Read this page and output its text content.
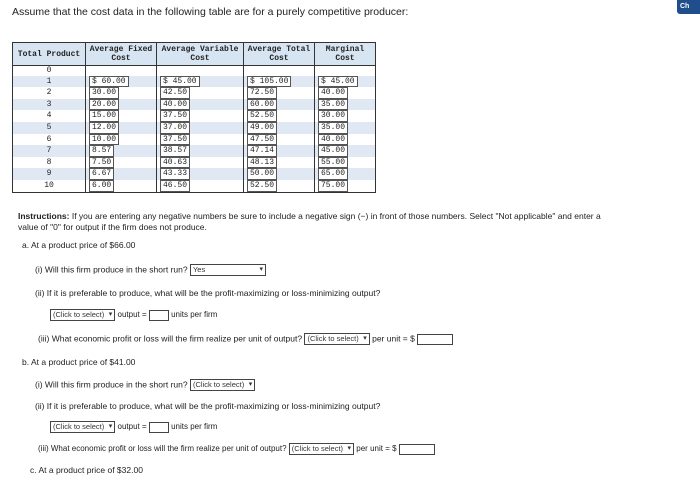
Assume that the cost data in the following table are for a purely competitive producer:	Ch
Total Product	Average Fixed Cost	Average Variable Cost	Average Total Cost	Marginal Cost
0				
1	$ 60.00	$ 45.00	$ 105.00	$ 45.00
2	30.00	42.50	72.50	40.00
3	20.00	40.00	60.00	35.00
4	15.00	37.50	52.50	30.00
5	12.00	37.00	49.00	35.00
6	10.00	37.50	47.50	40.00
7	8.57	38.57	47.14	45.00
8	7.50	40.63	48.13	55.00
9	6.67	43.33	50.00	65.00
10	6.00	46.50	52.50	75.00
Instructions: If you are entering any negative numbers be sure to include a negative sign (−) in front of those numbers. Select "Not applicable" and enter a value of "0" for output if the firm does not produce.
a. At a product price of $66.00
(i) Will this firm produce in the short run? Yes	▾
(ii) If it is preferable to produce, what will be the profit-maximizing or loss-minimizing output?
(Click to select) ▾ output =	units per firm
(iii) What economic profit or loss will the firm realize per unit of output? (Click to select) ▾ per unit = $
b. At a product price of $41.00
(i) Will this firm produce in the short run? (Click to select) ▾
(ii) If it is preferable to produce, what will be the profit-maximizing or loss-minimizing output?
(Click to select) ▾ output =	units per firm
(iii) What economic profit or loss will the firm realize per unit of output? (Click to select) ▾ per unit = $
c. At a product price of $32.00
